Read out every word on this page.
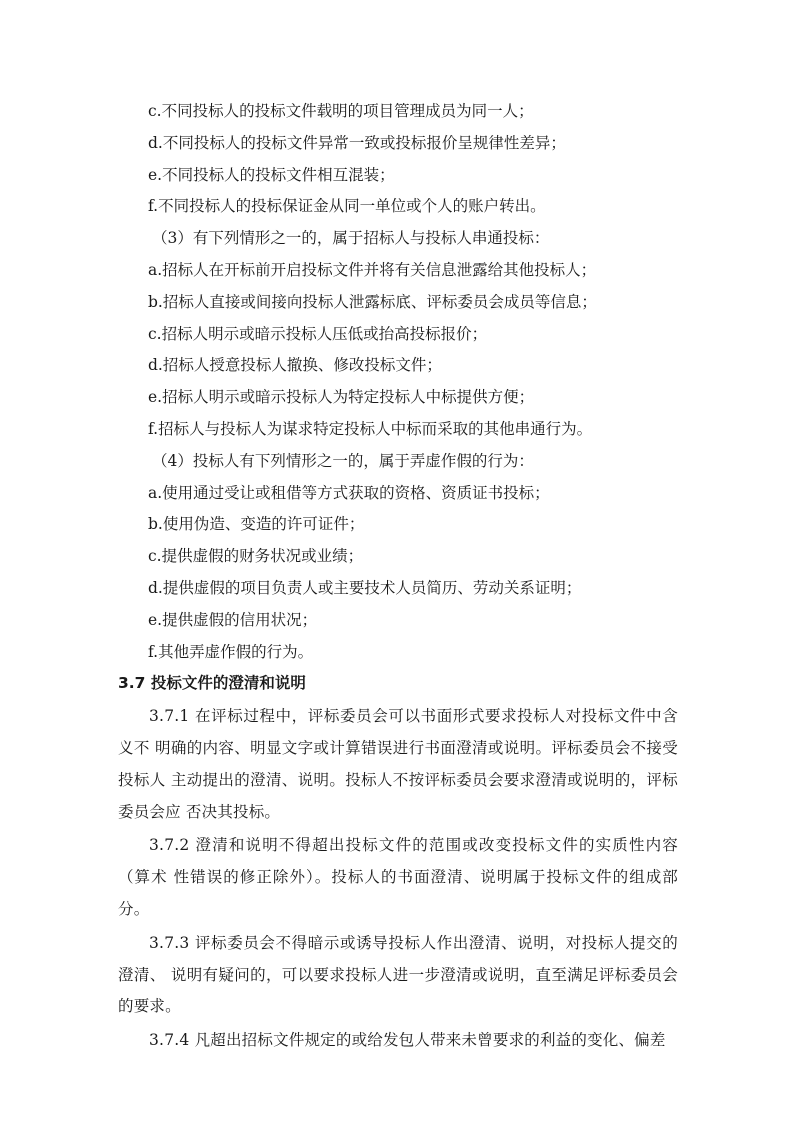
c.不同投标人的投标文件载明的项目管理成员为同一人；
d.不同投标人的投标文件异常一致或投标报价呈规律性差异；
e.不同投标人的投标文件相互混装；
f.不同投标人的投标保证金从同一单位或个人的账户转出。
（3）有下列情形之一的，属于招标人与投标人串通投标：
a.招标人在开标前开启投标文件并将有关信息泄露给其他投标人；
b.招标人直接或间接向投标人泄露标底、评标委员会成员等信息；
c.招标人明示或暗示投标人压低或抬高投标报价；
d.招标人授意投标人撤换、修改投标文件；
e.招标人明示或暗示投标人为特定投标人中标提供方便；
f.招标人与投标人为谋求特定投标人中标而采取的其他串通行为。
（4）投标人有下列情形之一的，属于弄虚作假的行为：
a.使用通过受让或租借等方式获取的资格、资质证书投标；
b.使用伪造、变造的许可证件；
c.提供虚假的财务状况或业绩；
d.提供虚假的项目负责人或主要技术人员简历、劳动关系证明；
e.提供虚假的信用状况；
f.其他弄虚作假的行为。
3.7 投标文件的澄清和说明

3.7.1 在评标过程中，评标委员会可以书面形式要求投标人对投标文件中含义不 明确的内容、明显文字或计算错误进行书面澄清或说明。评标委员会不接受投标人 主动提出的澄清、说明。投标人不按评标委员会要求澄清或说明的，评标委员会应 否决其投标。

3.7.2 澄清和说明不得超出投标文件的范围或改变投标文件的实质性内容（算术 性错误的修正除外）。投标人的书面澄清、说明属于投标文件的组成部分。

3.7.3 评标委员会不得暗示或诱导投标人作出澄清、说明，对投标人提交的澄清、 说明有疑问的，可以要求投标人进一步澄清或说明，直至满足评标委员会的要求。

3.7.4 凡超出招标文件规定的或给发包人带来未曾要求的利益的变化、偏差
